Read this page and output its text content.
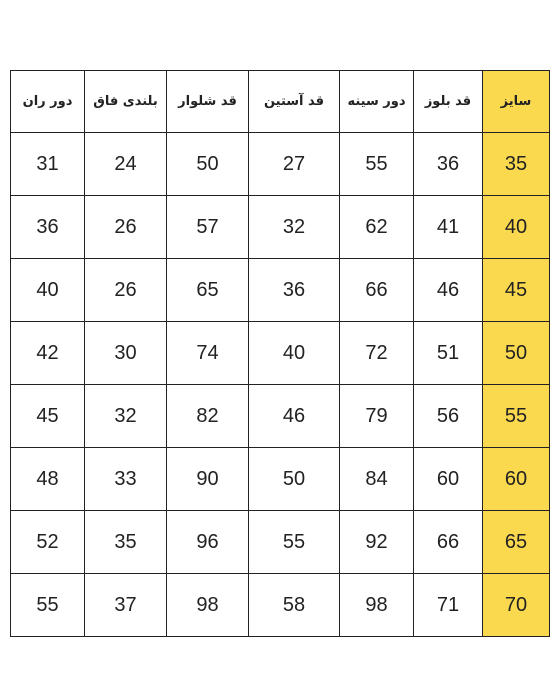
سایز	قد بلوز	دور سینه	قد آستین	قد شلوار	بلندی فاق	دور ران
35	36	55	27	50	24	31
40	41	62	32	57	26	36
45	46	66	36	65	26	40
50	51	72	40	74	30	42
55	56	79	46	82	32	45
60	60	84	50	90	33	48
65	66	92	55	96	35	52
70	71	98	58	98	37	55
